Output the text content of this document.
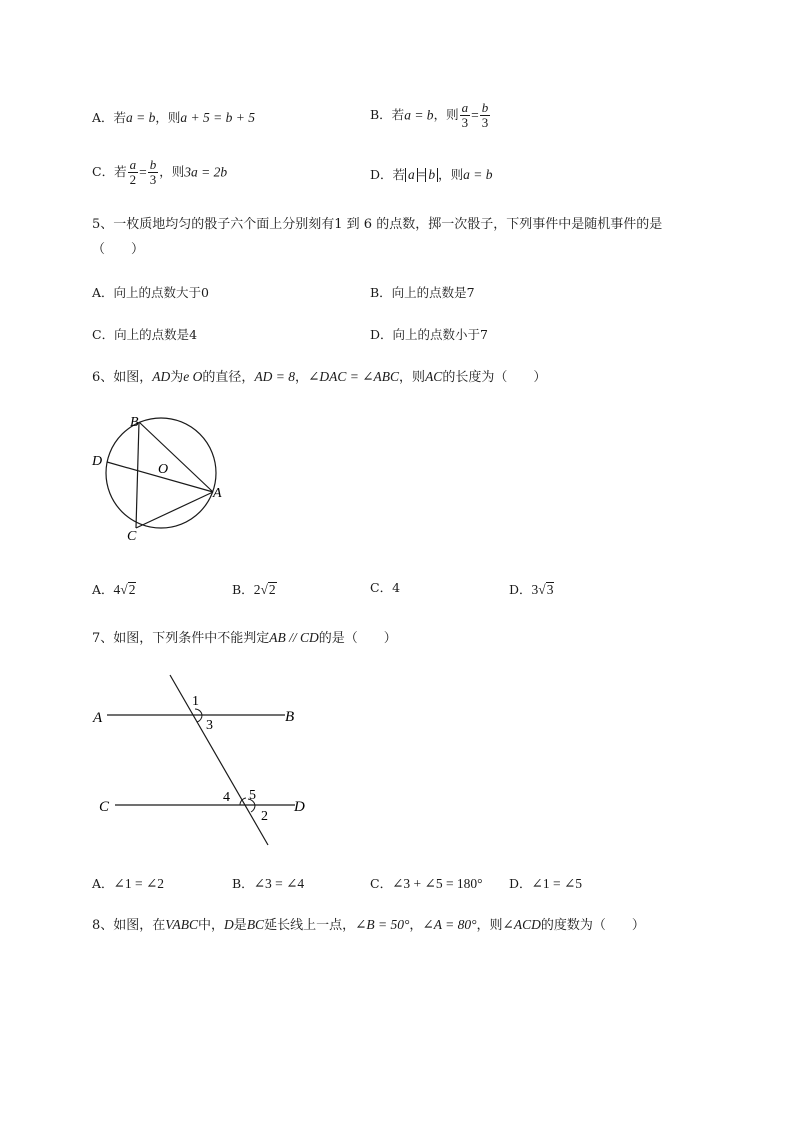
A．若a = b，则a + 5 = b + 5	B．若a = b，则 $\frac{a}{3} = \frac{b}{3}$
C．若 $\frac{a}{2} = \frac{b}{3}$ ，则3a = 2b	D．若 a = b ，则a = b
5、一枚质地均匀的骰子六个面上分别刻有1 到 6 的点数，掷一次骰子，下列事件中是随机事件的是
（　　）
A．向上的点数大于0	B．向上的点数是7
C．向上的点数是4	D．向上的点数小于7
6、如图，AD为e O的直径，AD = 8，∠DAC = ∠ABC，则AC的长度为（　　）
B
D
O
A
C
A．4√2	B．2√2	C．4	D．3√3
7、如图，下列条件中不能判定AB // CD的是（　　）
A	B
C	D
1
3
4 5
2
A．∠1 = ∠2	B．∠3 = ∠4	C．∠3 + ∠5 = 180° D．∠1 = ∠5
8、如图，在VABC中，D是BC延长线上一点，∠B = 50°，∠A = 80°，则∠ACD的度数为（　　）
